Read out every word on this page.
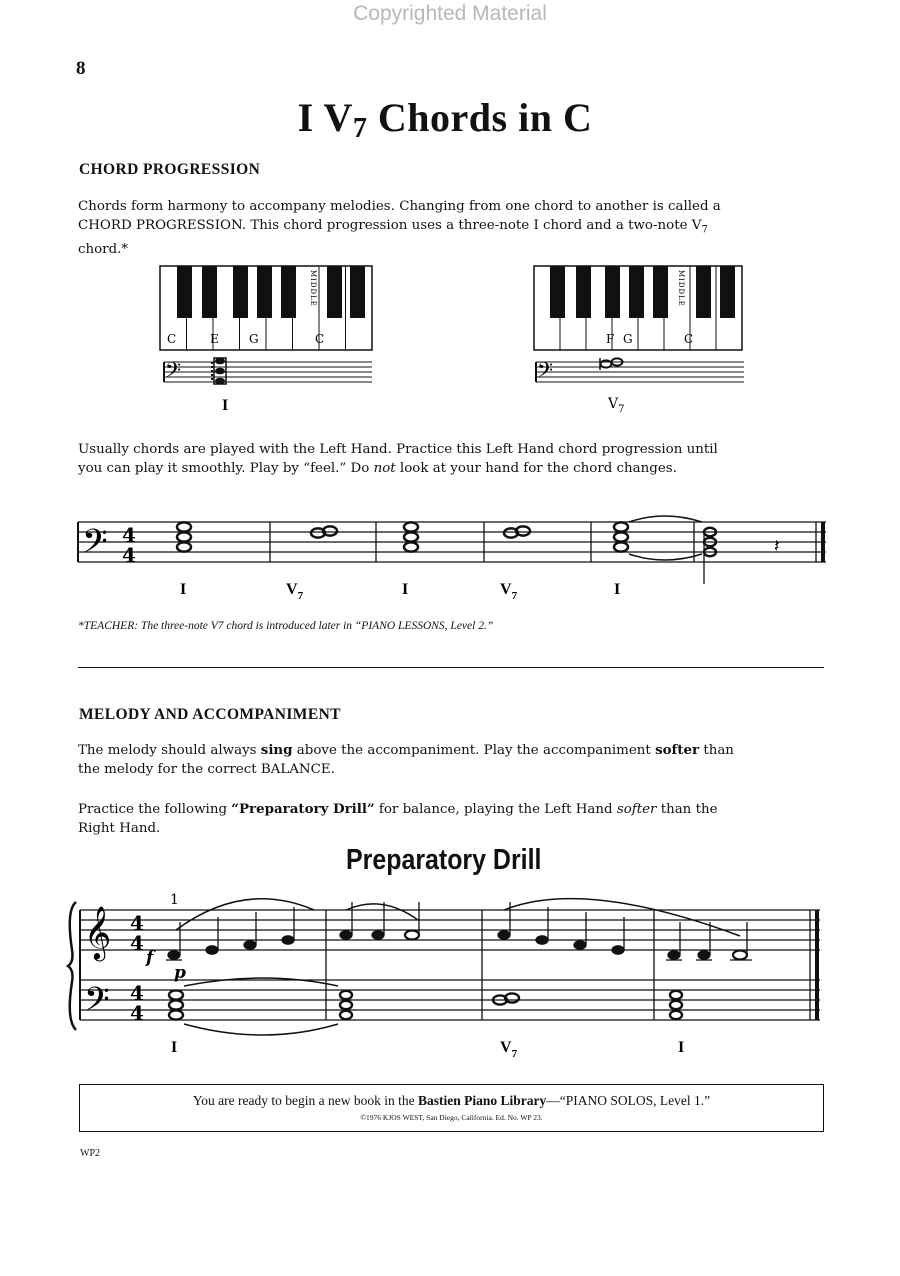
Copyrighted Material
8
I $V_7$ Chords in C
CHORD PROGRESSION
Chords form harmony to accompany melodies. Changing from one chord to another is called a
CHORD PROGRESSION. This chord progression uses a three-note I chord and a two-note $V_7$
chord.*
C	E	G	C
MIDDLE
𝄢
I
F G	C
MIDDLE
𝄢
$V_7$
Usually chords are played with the Left Hand. Practice this Left Hand chord progression until
you can play it smoothly. Play by “feel.” Do not look at your hand for the chord changes.
𝄢 4
4	𝄽
I	$V_7$	I	$V_7$	I
*TEACHER: The three-note V7 chord is introduced later in “PIANO LESSONS, Level 2.”
MELODY AND ACCOMPANIMENT
The melody should always sing above the accompaniment. Play the accompaniment softer than
the melody for the correct BALANCE.
Practice the following “Preparatory Drill” for balance, playing the Left Hand softer than the
Right Hand.
Preparatory Drill
𝄞
𝄢
4
4
4
4
1
f
p
I	$V_7$	I
You are ready to begin a new book in the Bastien Piano Library—“PIANO SOLOS, Level 1.”
©1976 KJOS WEST, San Diego, California. Ed. No. WP 23.
WP2
